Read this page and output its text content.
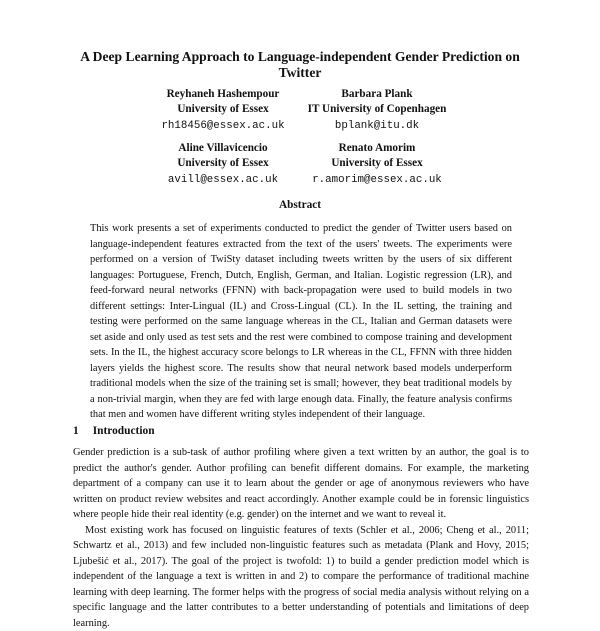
A Deep Learning Approach to Language-independent Gender Prediction on Twitter
Reyhaneh Hashempour
University of Essex
rh18456@essex.ac.uk
Barbara Plank
IT University of Copenhagen
bplank@itu.dk
Aline Villavicencio
University of Essex
avill@essex.ac.uk
Renato Amorim
University of Essex
r.amorim@essex.ac.uk
Abstract

This work presents a set of experiments conducted to predict the gender of Twitter users based on language-independent features extracted from the text of the users' tweets. The experiments were performed on a version of TwiSty dataset including tweets written by the users of six different languages: Portuguese, French, Dutch, English, German, and Italian. Logistic regression (LR), and feed-forward neural networks (FFNN) with back-propagation were used to build models in two different settings: Inter-Lingual (IL) and Cross-Lingual (CL). In the IL setting, the training and testing were performed on the same language whereas in the CL, Italian and German datasets were set aside and only used as test sets and the rest were combined to compose training and development sets. In the IL, the highest accuracy score belongs to LR whereas in the CL, FFNN with three hidden layers yields the highest score. The results show that neural network based models underperform traditional models when the size of the training set is small; however, they beat traditional models by a non-trivial margin, when they are fed with large enough data. Finally, the feature analysis confirms that men and women have different writing styles independent of their language.

1 Introduction

Gender prediction is a sub-task of author profiling where given a text written by an author, the goal is to predict the author's gender. Author profiling can benefit different domains. For example, the marketing department of a company can use it to learn about the gender or age of anonymous reviewers who have written on product review websites and react accordingly. Another example could be in forensic linguistics where people hide their real identity (e.g. gender) on the internet and we want to reveal it.

Most existing work has focused on linguistic features of texts (Schler et al., 2006; Cheng et al., 2011; Schwartz et al., 2013) and few included non-linguistic features such as metadata (Plank and Hovy, 2015; Ljubešić et al., 2017). The goal of the project is twofold: 1) to build a gender prediction model which is independent of the language a text is written in and 2) to compare the performance of traditional machine learning with deep learning. The former helps with the progress of social media analysis without relying on a specific language and the latter contributes to a better understanding of potentials and limitations of deep learning.
